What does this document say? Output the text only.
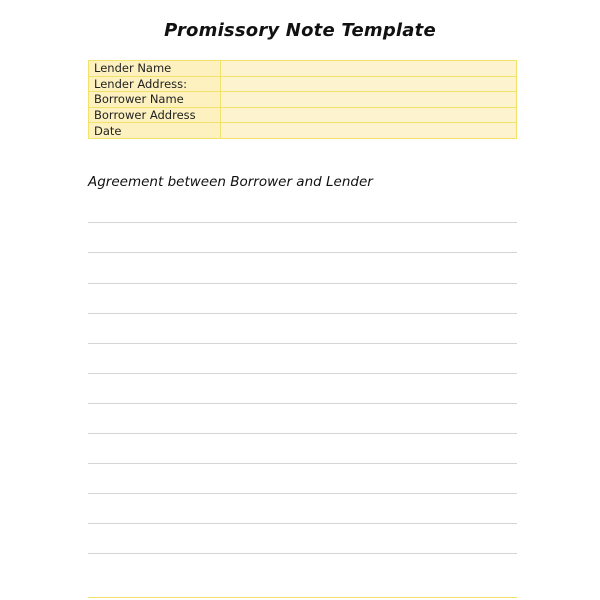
Promissory Note Template
Lender Name	
Lender Address:	
Borrower Name	
Borrower Address	
Date	
Agreement between Borrower and Lender
